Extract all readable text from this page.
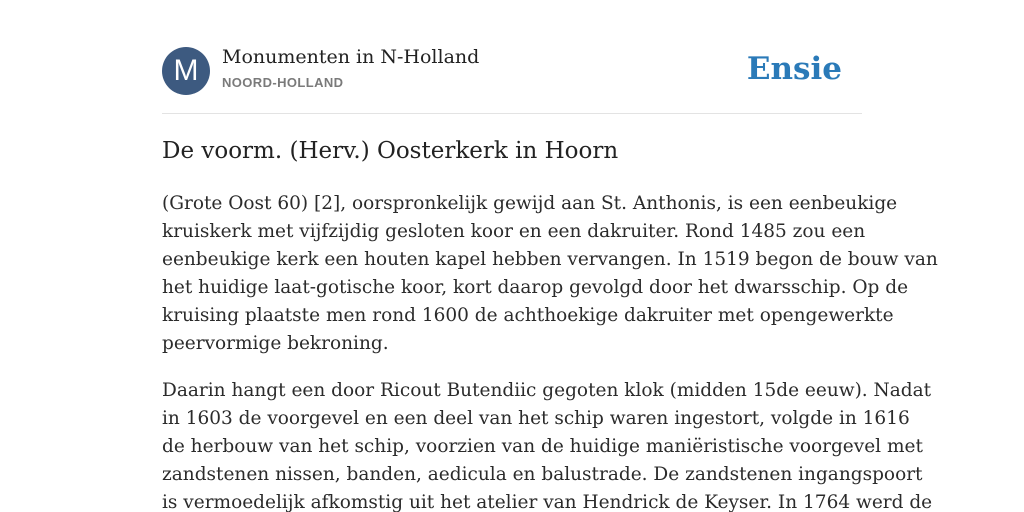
M	Monumenten in N-Holland
NOORD-HOLLAND	Ensie
De voorm. (Herv.) Oosterkerk in Hoorn

(Grote Oost 60) [2], oorspronkelijk gewijd aan St. Anthonis, is een eenbeukige
kruiskerk met vijfzijdig gesloten koor en een dakruiter. Rond 1485 zou een
eenbeukige kerk een houten kapel hebben vervangen. In 1519 begon de bouw van
het huidige laat-gotische koor, kort daarop gevolgd door het dwarsschip. Op de
kruising plaatste men rond 1600 de achthoekige dakruiter met opengewerkte
peervormige bekroning.

Daarin hangt een door Ricout Butendiic gegoten klok (midden 15de eeuw). Nadat
in 1603 de voorgevel en een deel van het schip waren ingestort, volgde in 1616
de herbouw van het schip, voorzien van de huidige maniëristische voorgevel met
zandstenen nissen, banden, aedicula en balustrade. De zandstenen ingangspoort
is vermoedelijk afkomstig uit het atelier van Hendrick de Keyser. In 1764 werd de
